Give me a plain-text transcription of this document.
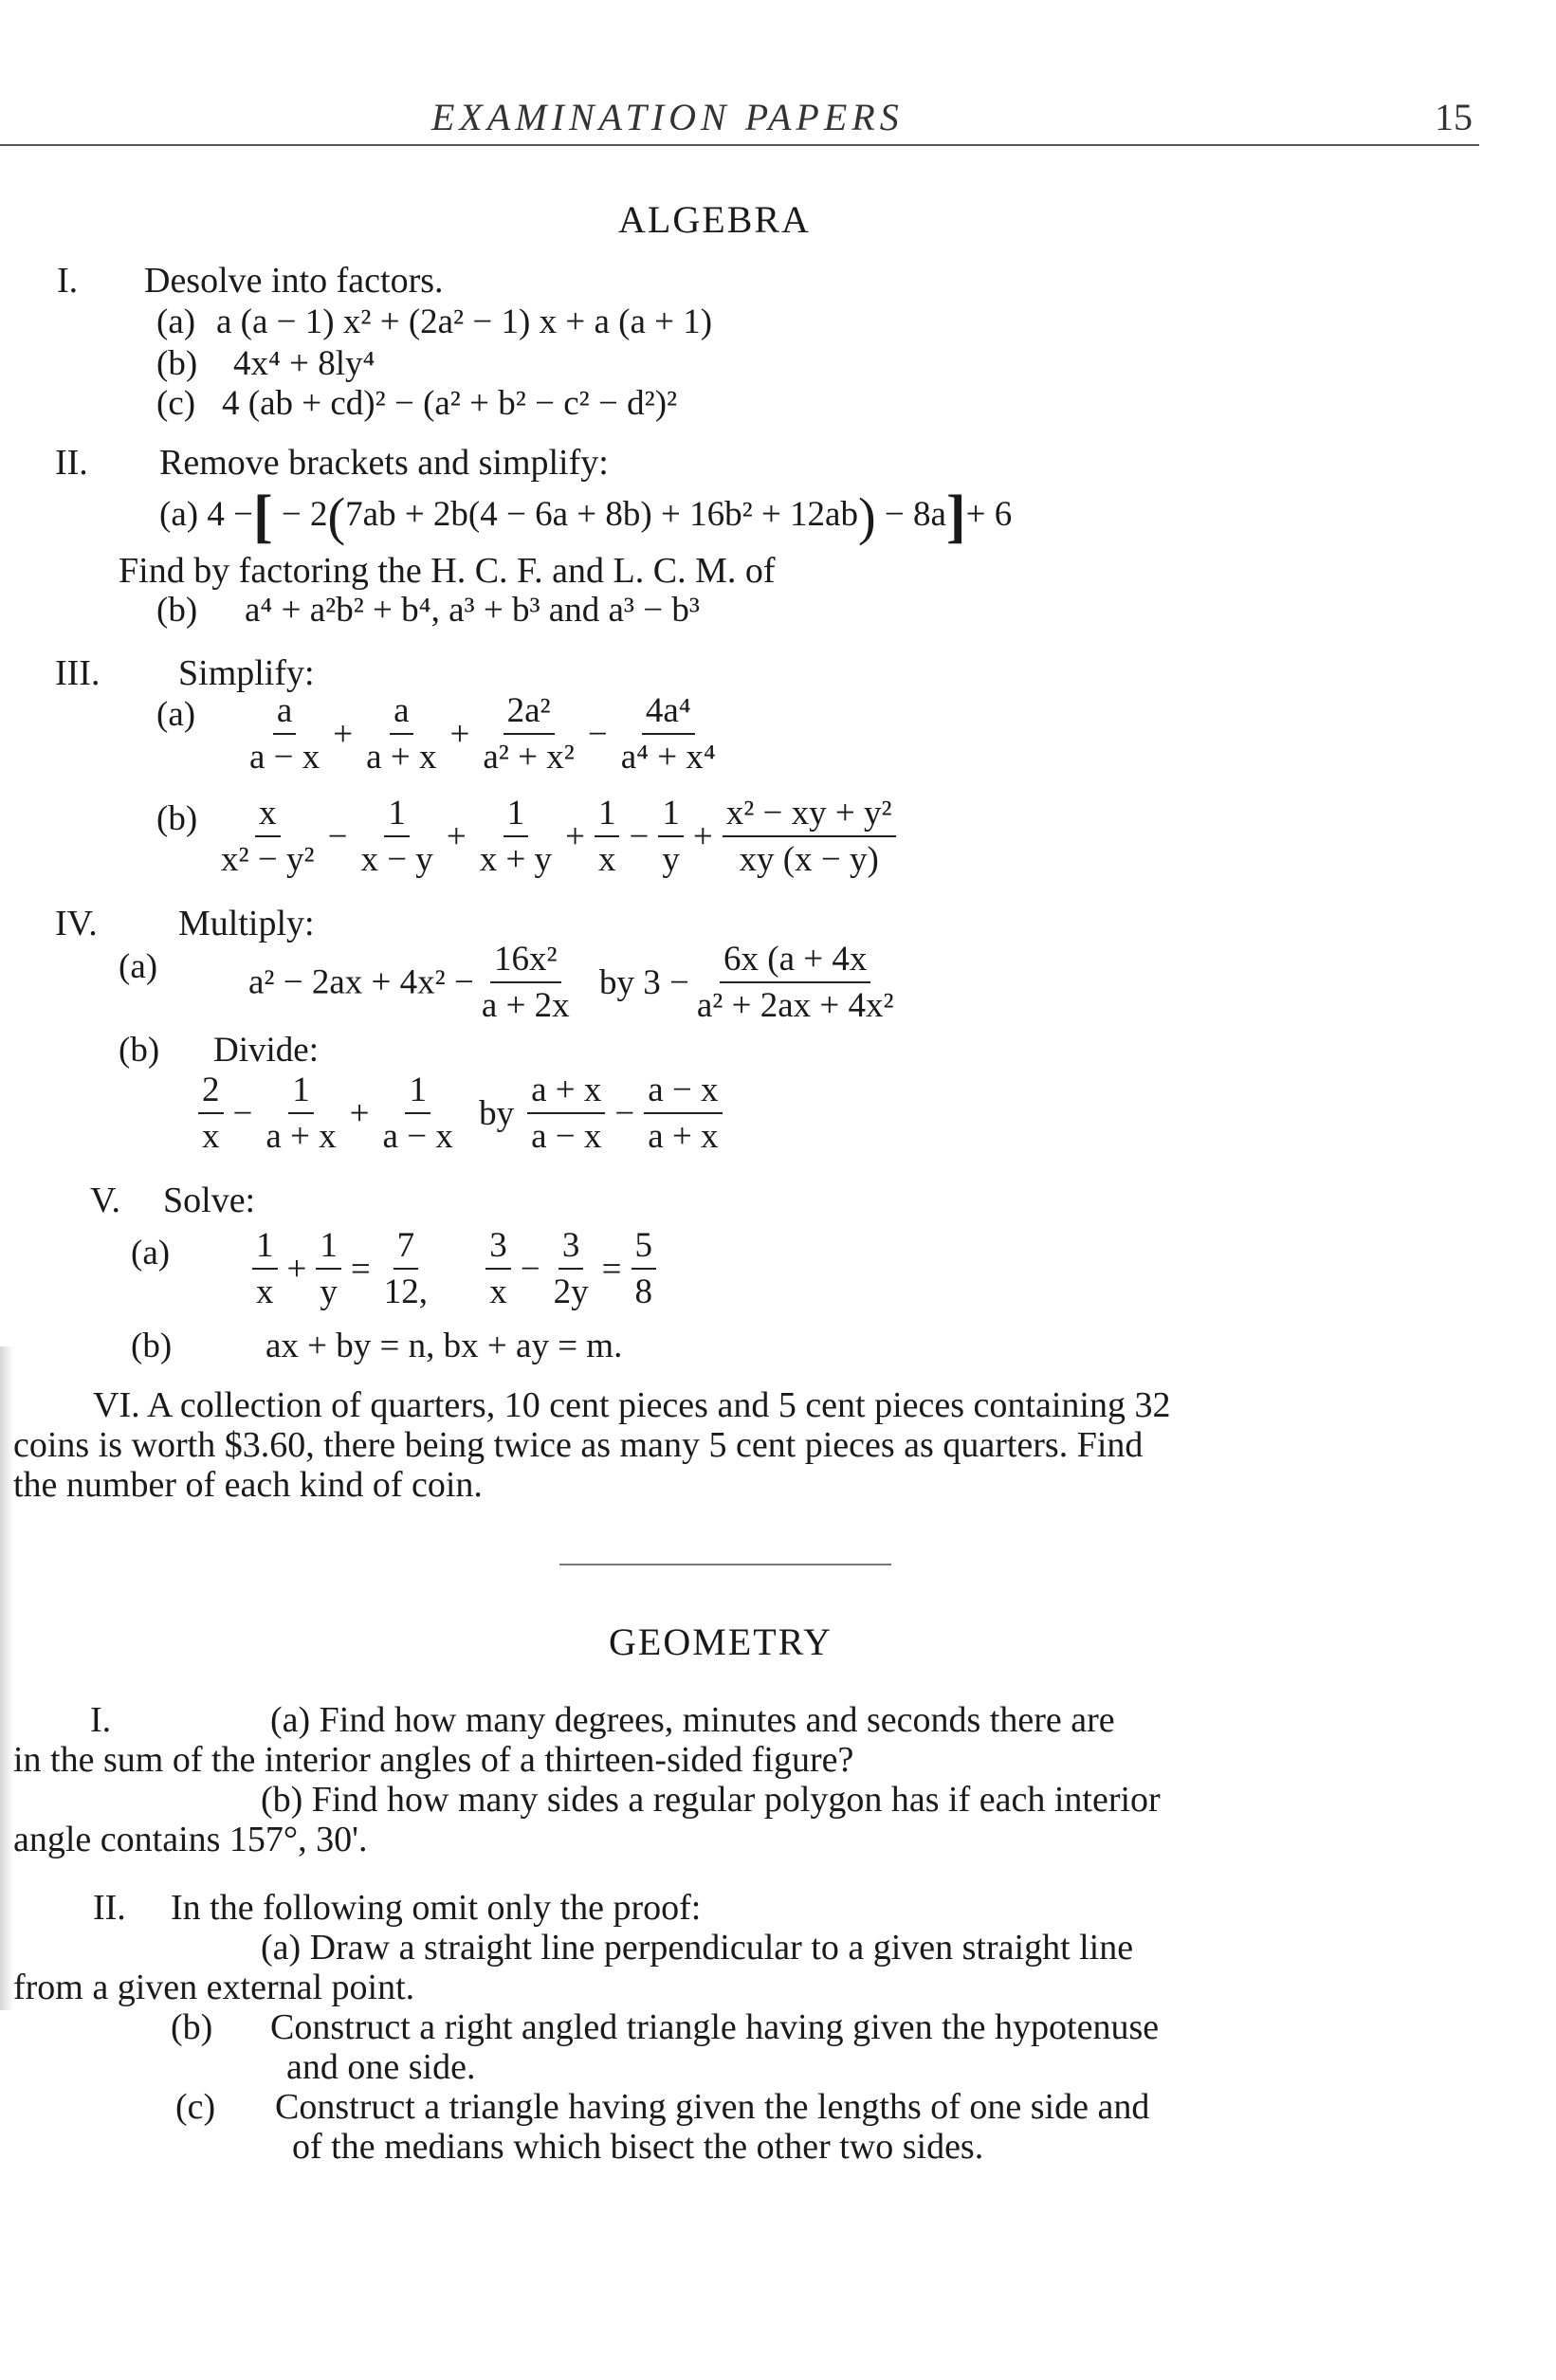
EXAMINATION PAPERS	15
ALGEBRA
I. Desolve into factors.
(a) a (a − 1) x² + (2a² − 1) x + a (a + 1)
(b) 4x⁴ + 8ly⁴
(c) 4 (ab + cd)² − (a² + b² − c² − d²)²
II. Remove brackets and simplify:
(a) 4 −[ − 2(7ab + 2b(4 − 6a + 8b) + 16b² + 12ab) − 8a]+ 6
Find by factoring the H. C. F. and L. C. M. of
(b) a⁴ + a²b² + b⁴, a³ + b³ and a³ − b³
III. Simplify:
$(a) \frac{a}{a - x} + \frac{a}{a + x} + \frac{\text{2a²}}{\text{a² + x²}} - \frac{\text{4a⁴}}{\text{a⁴ + x⁴}}$
$(b) \frac{x}{\text{x² − y²}} - \frac{1}{x - y} + \frac{1}{x + y} + \frac{1}{x} - \frac{1}{y} + \frac{\text{x² − xy + y²}}{xy (x - y)}$
IV. Multiply:
(a)	$a^2 - 2ax + 4x^2 - \frac{\text{16x²}}{a + 2x}$ by $3 - \frac{6x (a + 4x}{\text{a² + 2ax + 4x²}}$
(b) Divide:
$\frac{2}{x} - \frac{1}{a + x} + \frac{1}{a - x}$ by $\frac{a + x}{a - x} - \frac{a - x}{a + x}$
V. Solve:
$(a) \frac{1}{x} + \frac{1}{y} = \frac{7}{12,}$
$\frac{3}{x} - \frac{3}{2y} = \frac{5}{8}$
(b)	ax + by = n, bx + ay = m.
VI. A collection of quarters, 10 cent pieces and 5 cent pieces containing 32
coins is worth $3.60, there being twice as many 5 cent pieces as quarters. Find
the number of each kind of coin.
GEOMETRY
I.	(a) Find how many degrees, minutes and seconds there are
in the sum of the interior angles of a thirteen-sided figure?
(b) Find how many sides a regular polygon has if each interior
angle contains 157°, 30'.
II. In the following omit only the proof:
(a) Draw a straight line perpendicular to a given straight line
from a given external point.
(b) Construct a right angled triangle having given the hypotenuse
and one side.
(c) Construct a triangle having given the lengths of one side and
of the medians which bisect the other two sides.
